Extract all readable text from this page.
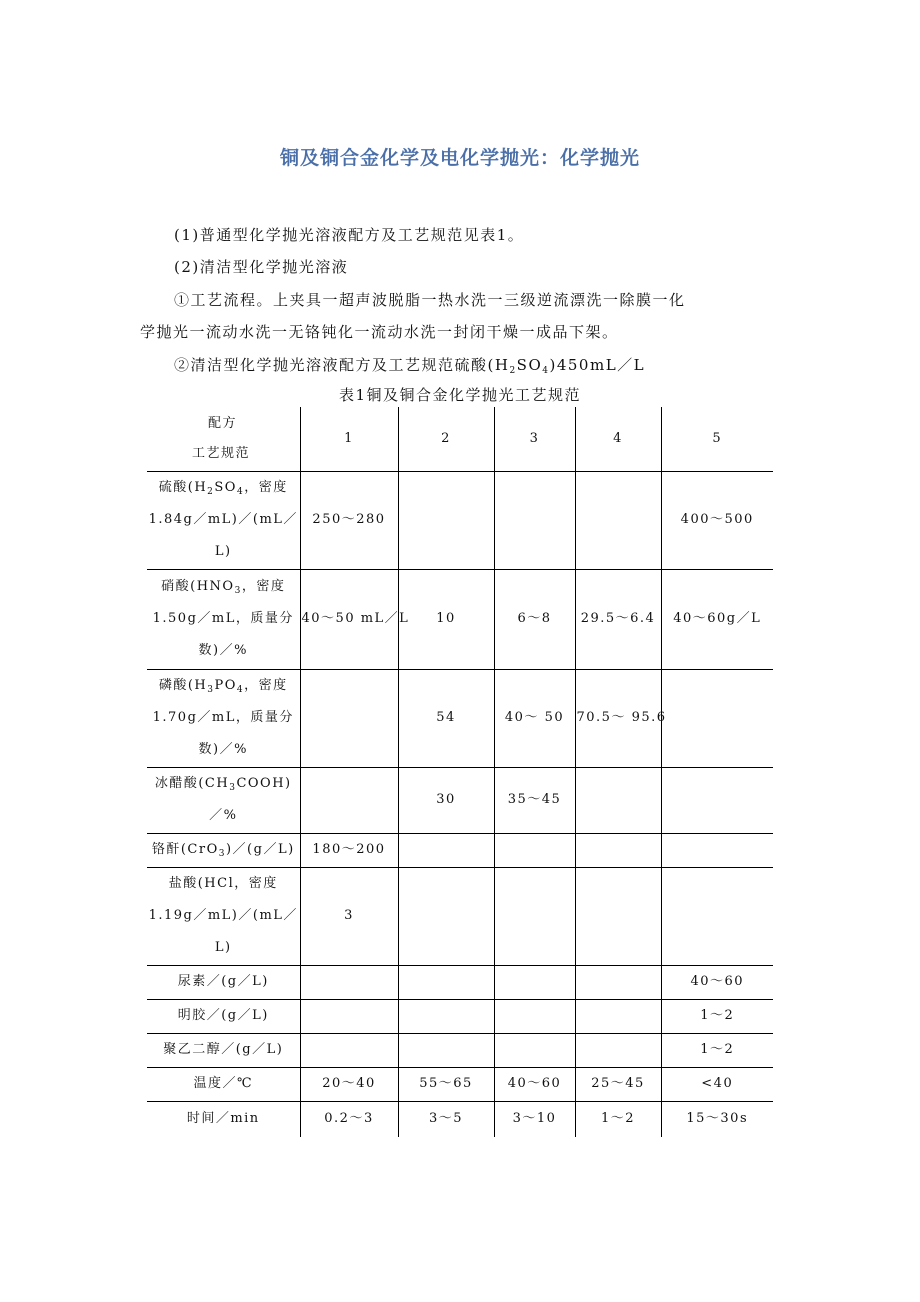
铜及铜合金化学及电化学抛光：化学抛光
(1)普通型化学抛光溶液配方及工艺规范见表1。
(2)清洁型化学抛光溶液
①工艺流程。上夹具一超声波脱脂一热水洗一三级逆流漂洗一除膜一化
学抛光一流动水洗一无铬钝化一流动水洗一封闭干燥一成品下架。
②清洁型化学抛光溶液配方及工艺规范硫酸$(H_2SO_4)450mL/L$
表1铜及铜合金化学抛光工艺规范
配方
工艺规范	1	2	3	4	5
硫酸($H_2SO_4$，密度 1.84g／mL)／(mL／L)	250～280				400～500
硝酸($HNO_3$，密度 1.50g／mL，质量分数)／%	40～50 mL／L	10	6～8	29.5～6.4	40～60g／L
磷酸($H_3PO_4$，密度 1.70g／mL，质量分数)／%		54	40～ 50	70.5～ 95.6	
冰醋酸$(CH_3COOH)/\%$		30	35～45		
铬酐(CrO$_3$)／(g／L)	180～200				
盐酸(HCl，密度 1.19g／mL)／(mL／L)	3				
尿素／(g／L)					40～60
明胶／(g／L)					1～2
聚乙二醇／(g／L)					1～2
温度／℃	20～40	55～65	40～60	25～45	<40
时间／min	0.2～3	3～5	3～10	1～2	15～30s
